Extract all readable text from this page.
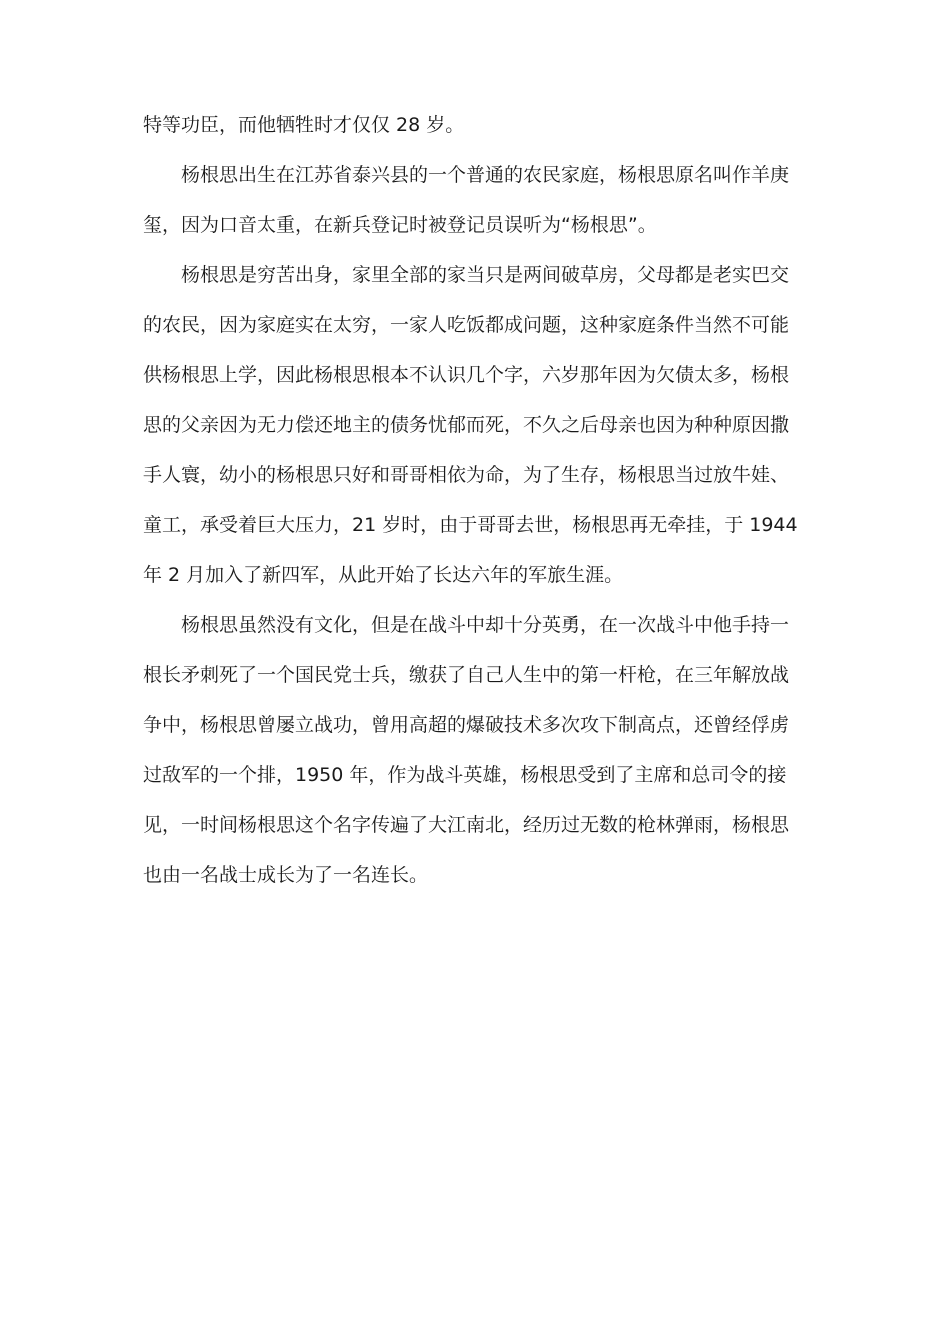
特等功臣，而他牺牲时才仅仅 28 岁。
杨根思出生在江苏省泰兴县的一个普通的农民家庭，杨根思原名叫作羊庚
玺，因为口音太重，在新兵登记时被登记员误听为“杨根思”。
杨根思是穷苦出身，家里全部的家当只是两间破草房，父母都是老实巴交
的农民，因为家庭实在太穷，一家人吃饭都成问题，这种家庭条件当然不可能
供杨根思上学，因此杨根思根本不认识几个字，六岁那年因为欠债太多，杨根
思的父亲因为无力偿还地主的债务忧郁而死，不久之后母亲也因为种种原因撒
手人寰，幼小的杨根思只好和哥哥相依为命，为了生存，杨根思当过放牛娃、
童工，承受着巨大压力，21 岁时，由于哥哥去世，杨根思再无牵挂，于 1944
年 2 月加入了新四军，从此开始了长达六年的军旅生涯。
杨根思虽然没有文化，但是在战斗中却十分英勇，在一次战斗中他手持一
根长矛刺死了一个国民党士兵，缴获了自己人生中的第一杆枪，在三年解放战
争中，杨根思曾屡立战功，曾用高超的爆破技术多次攻下制高点，还曾经俘虏
过敌军的一个排，1950 年，作为战斗英雄，杨根思受到了主席和总司令的接
见，一时间杨根思这个名字传遍了大江南北，经历过无数的枪林弹雨，杨根思
也由一名战士成长为了一名连长。
